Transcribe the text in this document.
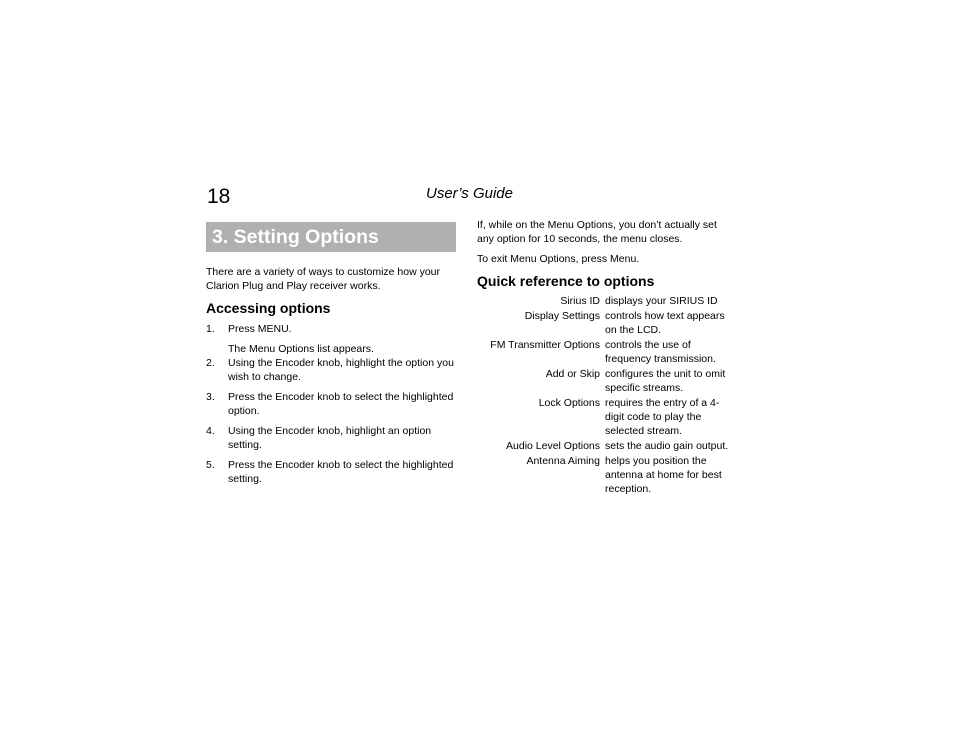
18	User’s Guide
3. Setting Options
There are a variety of ways to customize how your Clarion Plug and Play receiver works.
Accessing options
1.	Press MENU.
The Menu Options list appears.
2.	Using the Encoder knob, highlight the option you wish to change.
3.	Press the Encoder knob to select the highlighted option.
4.	Using the Encoder knob, highlight an option setting.
5.	Press the Encoder knob to select the highlighted setting.
If, while on the Menu Options, you don’t actually set any option for 10 seconds, the menu closes.
To exit Menu Options, press Menu.
Quick reference to options
Sirius ID	displays your SIRIUS ID
Display Settings	controls how text appears on the LCD.
FM Transmitter Options	controls the use of frequency transmission.
Add or Skip	configures the unit to omit specific streams.
Lock Options	requires the entry of a 4-digit code to play the selected stream.
Audio Level Options	sets the audio gain output.
Antenna Aiming	helps you position the antenna at home for best reception.
